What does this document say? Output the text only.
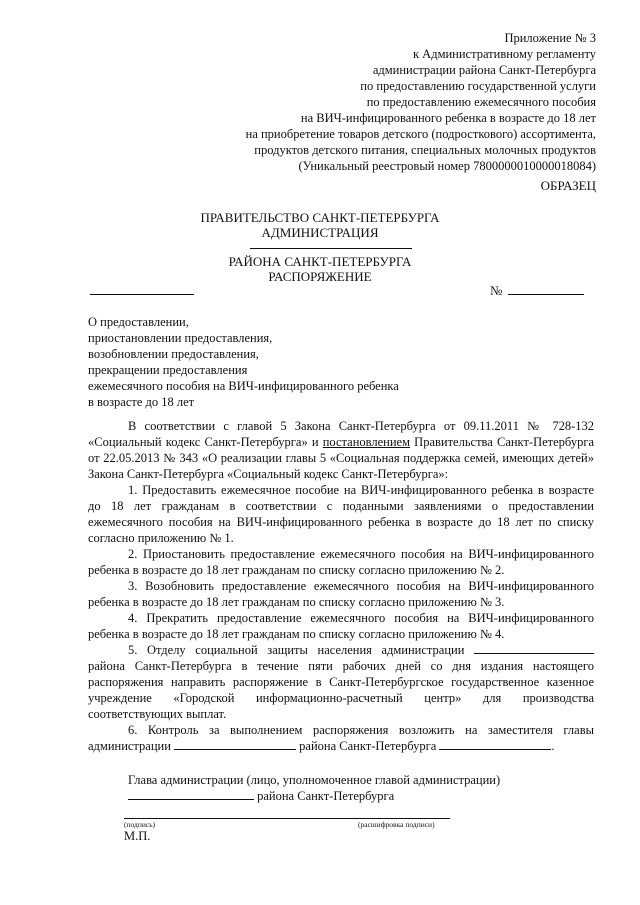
Приложение № 3
к Административному регламенту
администрации района Санкт-Петербурга
по предоставлению государственной услуги
по предоставлению ежемесячного пособия
на ВИЧ-инфицированного ребенка в возрасте до 18 лет
на приобретение товаров детского (подросткового) ассортимента,
продуктов детского питания, специальных молочных продуктов
(Уникальный реестровый номер 7800000010000018084)
ОБРАЗЕЦ
ПРАВИТЕЛЬСТВО САНКТ-ПЕТЕРБУРГА
АДМИНИСТРАЦИЯ
РАЙОНА САНКТ-ПЕТЕРБУРГА
РАСПОРЯЖЕНИЕ
№
О предоставлении,
приостановлении предоставления,
возобновлении предоставления,
прекращении предоставления
ежемесячного пособия на ВИЧ-инфицированного ребенка
в возрасте до 18 лет

В соответствии с главой 5 Закона Санкт-Петербурга от 09.11.2011 № 728-132 «Социальный кодекс Санкт-Петербурга» и постановлением Правительства Санкт-Петербурга от 22.05.2013 № 343 «О реализации главы 5 «Социальная поддержка семей, имеющих детей» Закона Санкт-Петербурга «Социальный кодекс Санкт-Петербурга»:

1. Предоставить ежемесячное пособие на ВИЧ-инфицированного ребенка в возрасте до 18 лет гражданам в соответствии с поданными заявлениями о предоставлении ежемесячного пособия на ВИЧ-инфицированного ребенка в возрасте до 18 лет по списку согласно приложению № 1.

2. Приостановить предоставление ежемесячного пособия на ВИЧ-инфицированного ребенка в возрасте до 18 лет гражданам по списку согласно приложению № 2.

3. Возобновить предоставление ежемесячного пособия на ВИЧ-инфицированного ребенка в возрасте до 18 лет гражданам по списку согласно приложению № 3.

4. Прекратить предоставление ежемесячного пособия на ВИЧ-инфицированного ребенка в возрасте до 18 лет гражданам по списку согласно приложению № 4.

5. Отделу социальной защиты населения администрации  района Санкт-Петербурга в течение пяти рабочих дней со дня издания настоящего распоряжения направить распоряжение в Санкт-Петербургское государственное казенное учреждение «Городской информационно-расчетный центр» для производства соответствующих выплат.

6. Контроль за выполнением распоряжения возложить на заместителя главы администрации	района Санкт-Петербурга	.

Глава администрации (лицо, уполномоченное главой администрации)
района Санкт-Петербурга
(подпись)	(расшифровка подписи)
М.П.
